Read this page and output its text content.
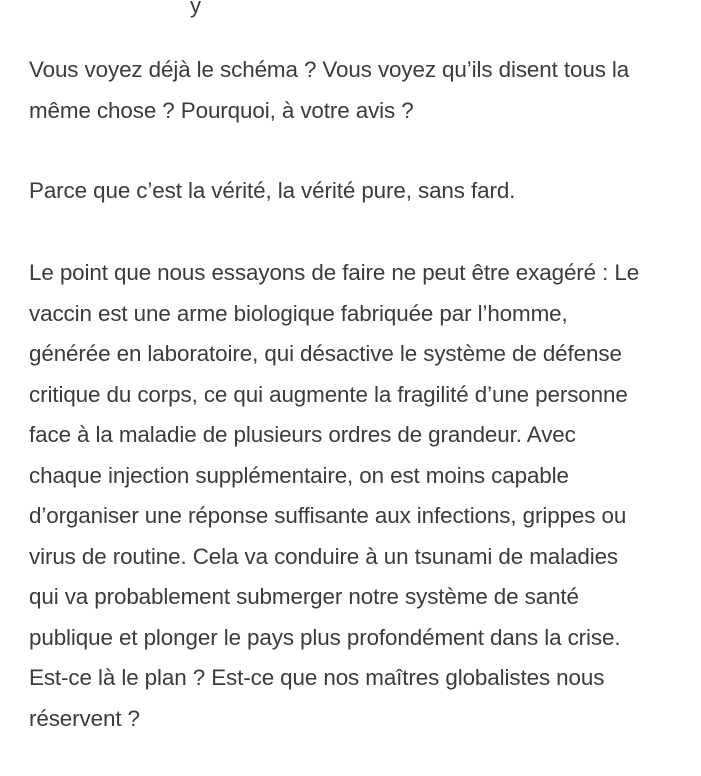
y

Vous voyez déjà le schéma ? Vous voyez qu’ils disent tous la
même chose ? Pourquoi, à votre avis ?

Parce que c’est la vérité, la vérité pure, sans fard.

Le point que nous essayons de faire ne peut être exagéré : Le
vaccin est une arme biologique fabriquée par l’homme,
générée en laboratoire, qui désactive le système de défense
critique du corps, ce qui augmente la fragilité d’une personne
face à la maladie de plusieurs ordres de grandeur. Avec
chaque injection supplémentaire, on est moins capable
d’organiser une réponse suffisante aux infections, grippes ou
virus de routine. Cela va conduire à un tsunami de maladies
qui va probablement submerger notre système de santé
publique et plonger le pays plus profondément dans la crise.
Est-ce là le plan ? Est-ce que nos maîtres globalistes nous
réservent ?
